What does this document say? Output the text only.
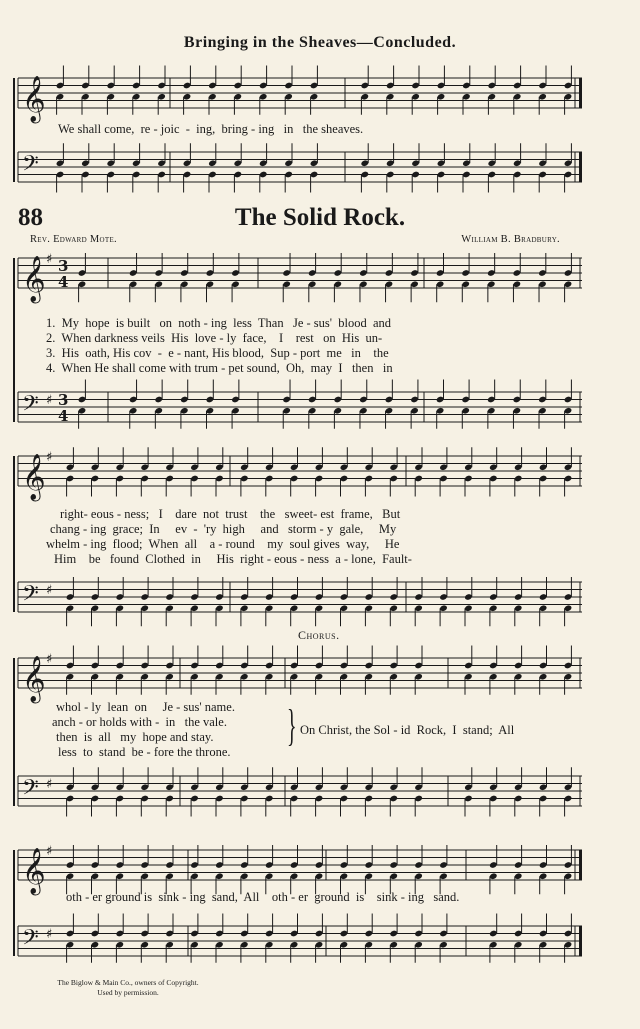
Bringing in the Sheaves—Concluded.
88	The Solid Rock.
Rev. Edward Mote.	William B. Bradbury.
𝄞
𝄢
𝄞 ♯ 3
4
𝄢 ♯ 3
4
𝄞 ♯
𝄢 ♯
𝄞 ♯
𝄢 ♯
𝄞 ♯
𝄢 ♯
We shall come,  re - joic  -  ing,  bring - ing   in   the sheaves.
1.  My  hope  is built   on  noth - ing  less  Than   Je - sus'  blood  and
2.  When darkness veils  His  love - ly  face,    I    rest   on  His  un-
3.  His  oath, His cov  -  e - nant, His blood,  Sup - port  me   in    the
4.  When He shall come with trum - pet sound,  Oh,  may  I   then   in
right- eous - ness;   I    dare  not  trust    the   sweet- est  frame,   But
chang - ing  grace;  In     ev  -  'ry  high     and   storm - y  gale,     My
whelm - ing  flood;  When  all    a - round    my  soul gives  way,     He
Him    be   found  Clothed  in     His  right - eous - ness  a - lone,  Fault-
Chorus.
whol - ly  lean  on     Je - sus' name.
anch - or holds with -  in   the vale.
then  is  all   my  hope and stay.
less  to  stand  be - fore the throne.
} On Christ, the Sol - id  Rock,  I  stand;  All
oth - er ground is  sink - ing  sand,  All    oth - er  ground  is    sink - ing   sand.
The Biglow & Main Co., owners of Copyright.
Used by permission.
